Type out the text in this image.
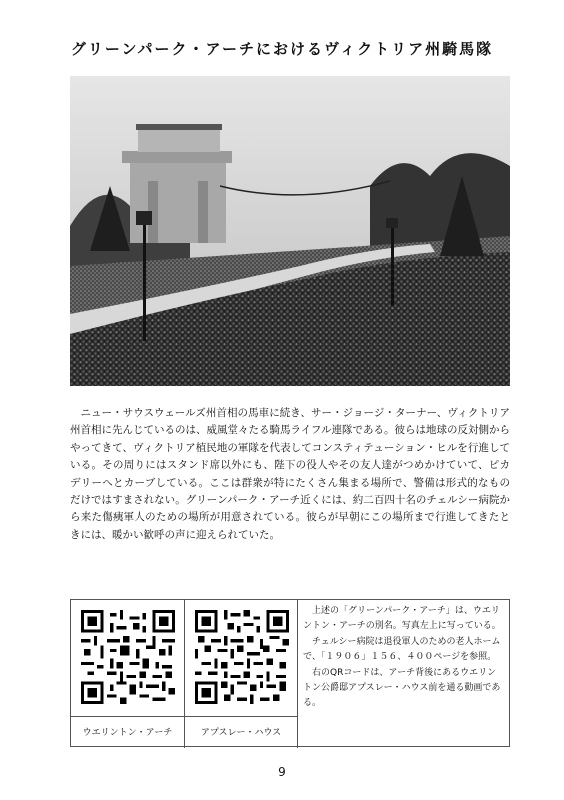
グリーンパーク・アーチにおけるヴィクトリア州騎馬隊

ニュー・サウスウェールズ州首相の馬車に続き、サー・ジョージ・ターナー、ヴィクトリア州首相に先んじているのは、威風堂々たる騎馬ライフル連隊である。彼らは地球の反対側からやってきて、ヴィクトリア植民地の軍隊を代表してコンスティテューション・ヒルを行進している。その周りにはスタンド席以外にも、陛下の役人やその友人達がつめかけていて、ピカデリーへとカーブしている。ここは群衆が特にたくさん集まる場所で、警備は形式的なものだけではすまされない。グリーンパーク・アーチ近くには、約二百四十名のチェルシー病院から来た傷痍軍人のための場所が用意されている。彼らが早朝にこの場所まで行進してきたときには、暖かい歓呼の声に迎えられていた。

ウエリントン・アーチ	アプスレー・ハウス

上述の「グリーンパーク・アーチ」は、ウエリントン・アーチの別名。写真左上に写っている。

チェルシー病院は退役軍人のための老人ホームで、「１９０６」１５６、４００ページを参照。

右のQRコードは、アーチ背後にあるウエリントン公爵邸アプスレー・ハウス前を通る動画である。

9
